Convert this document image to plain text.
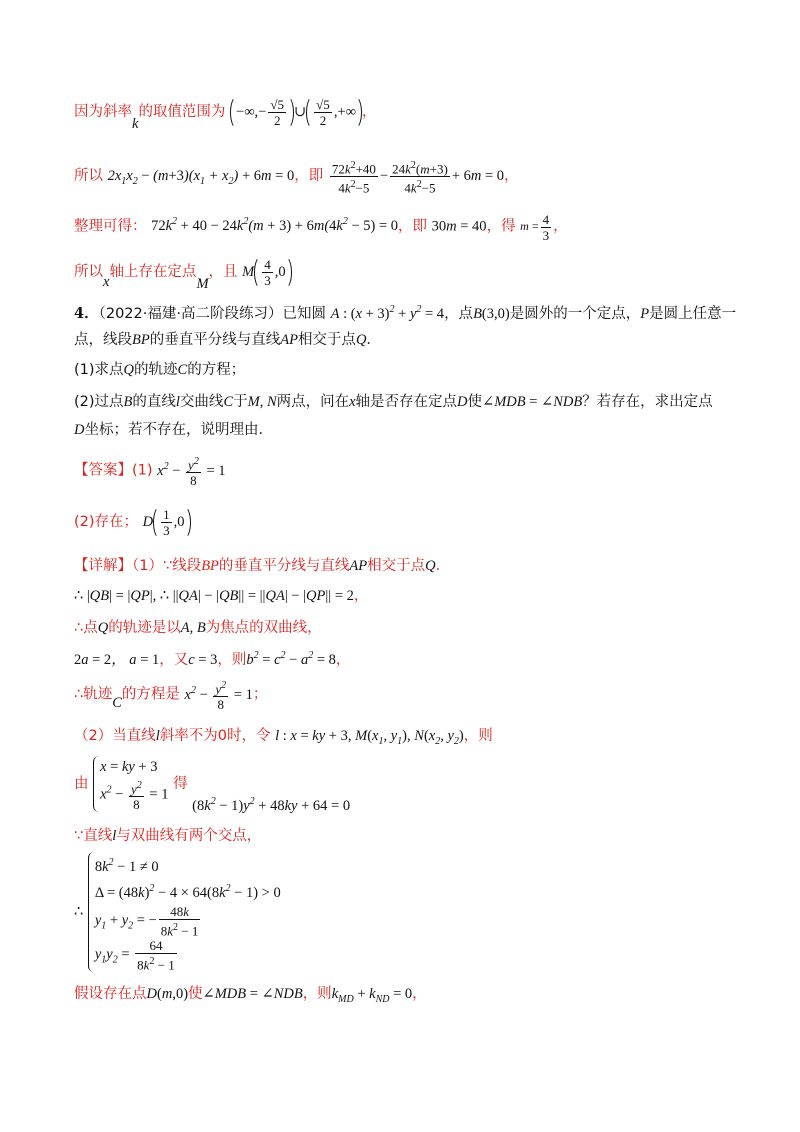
因为斜率k的取值范围为 −∞,− $\frac{√5}{2}$ ∪ $\frac{√5}{2}$ ,+∞ ，
所以 $2x_1x_2 - (m+3)(x_1 + x_2) + 6m = 0$，即 $\frac{72k^2+40}{4k^2-5} - \frac{24k^2(m+3)}{4k^2-5} + 6m = 0$，
整理可得： $72k^2 + 40 - 24k^2(m + 3) + 6m(4k^2 - 5) = 0$，即 30m = 40，得 $m = \frac{4}{3}$ ，
所以x轴上存在定点M，且 M $\frac{4}{3} ,0$
4．（2022·福建·高二阶段练习）已知圆 A : $(x + 3)^2 + y^2 = 4$，点B(3,0)是圆外的一个定点，P是圆上任意一
点，线段BP的垂直平分线与直线AP相交于点Q．
(1)求点Q的轨迹C的方程；
(2)过点B的直线l交曲线C于M, N两点，问在x轴是否存在定点D使∠MDB = ∠NDB？若存在，求出定点
D坐标；若不存在，说明理由．
【答案】(1) $x^2 - \frac{y^2}{8} = 1$
(2)存在； D $\frac{1}{3} ,0$
【详解】（1）∵线段BP的垂直平分线与直线AP相交于点Q．
∴ |QB| = |QP|, ∴ ||QA| − |QB|| = ||QA| − |QP|| = 2，
∴点Q的轨迹是以A, B为焦点的双曲线，
2a = 2， a = 1，又c = 3，则$b^2 = c^2 - a^2 = 8$，
∴轨迹C的方程是 $x^2 - \frac{y^2}{8} = 1$；
（2）当直线l斜率不为0时，令 l : x = ky + 3, $M(x_1$, $y_1$), $N(x_2$, $y_2$)，则
由
x = ky + 3
$x^2 - \frac{y^2}{8} = 1$
得 $(8k^2 - 1)y^2 + 48ky + 64 = 0$
∵直线l与双曲线有两个交点，
∴
$8k^2 - 1 \ne 0$
$\Delta = (48k)^2 - 4 \times 64(8k^2 - 1) > 0$
$y_1 + y_2$ = − $\frac{48k}{8k^2 - 1}$
$y_1y_2 = \frac{64}{8k^2 - 1}$
假设存在点D(m,0)使∠MDB = ∠NDB，则$k_{MD} + k_{ND} = 0$，
